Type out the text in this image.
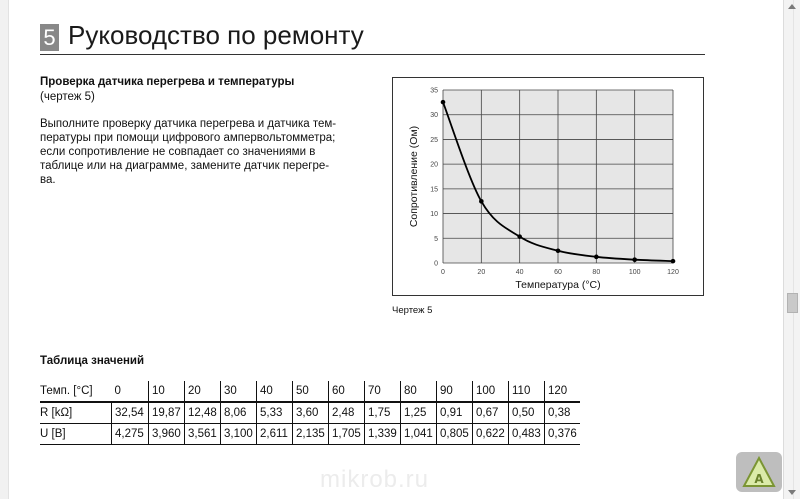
5 Руководство по ремонту
Проверка датчика перегрева и температуры
(чертеж 5)
Выполните проверку датчика перегрева и датчика тем-
пературы при помощи цифрового ампервольтомметра;
если сопротивление не совпадает со значениями в
таблице или на диаграмме, замените датчик перегре-
ва.
0	20	40	60	80	100	120
0
5
10
15
20
25
30
35
Температура (°C)
Сопротивление (Ом)
Чертеж 5
Таблица значений
Темп. [°C]	0	10	20	30	40	50	60	70	80	90	100	110	120
R [kΩ]	32,54	19,87	12,48	8,06	5,33	3,60	2,48	1,75	1,25	0,91	0,67	0,50	0,38
U [B]	4,275	3,960	3,561	3,100	2,611	2,135	1,705	1,339	1,041	0,805	0,622	0,483	0,376
mikrob.ru	A
